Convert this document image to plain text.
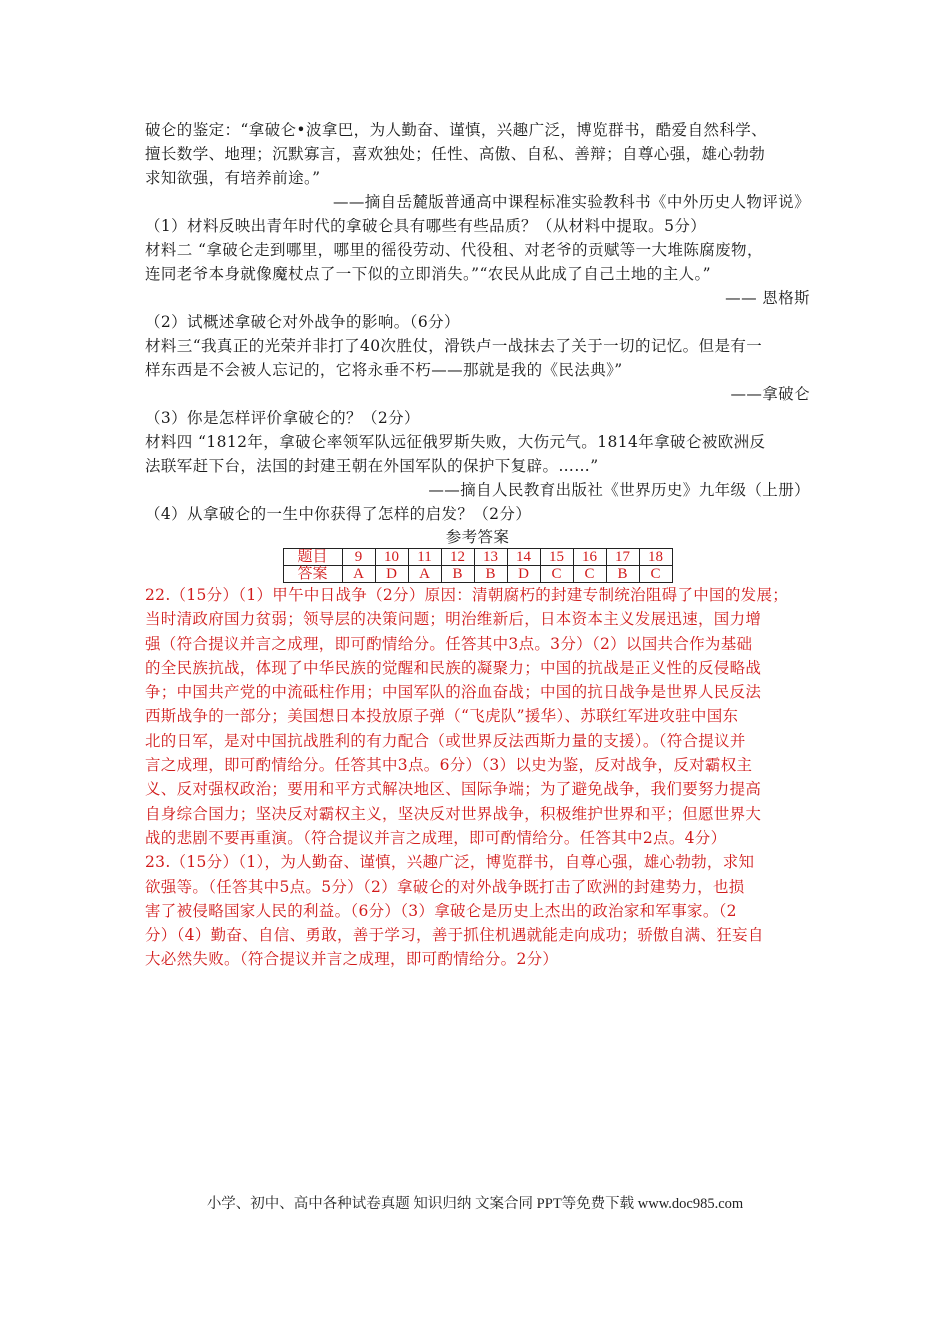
破仑的鉴定：“拿破仑•波拿巴，为人勤奋、谨慎，兴趣广泛，博览群书，酷爱自然科学、
擅长数学、地理；沉默寡言，喜欢独处；任性、高傲、自私、善辩；自尊心强，雄心勃勃
求知欲强，有培养前途。”
——摘自岳麓版普通高中课程标准实验教科书《中外历史人物评说》
（1）材料反映出青年时代的拿破仑具有哪些有些品质？（从材料中提取。5分）
材料二 “拿破仑走到哪里，哪里的徭役劳动、代役租、对老爷的贡赋等一大堆陈腐废物，
连同老爷本身就像魔杖点了一下似的立即消失。”“农民从此成了自己土地的主人。”
—— 恩格斯
（2）试概述拿破仑对外战争的影响。（6分）
材料三“我真正的光荣并非打了40次胜仗，滑铁卢一战抹去了关于一切的记忆。但是有一
样东西是不会被人忘记的，它将永垂不朽——那就是我的《民法典》”
——拿破仑
（3）你是怎样评价拿破仑的？（2分）
材料四 “1812年，拿破仑率领军队远征俄罗斯失败，大伤元气。1814年拿破仑被欧洲反
法联军赶下台，法国的封建王朝在外国军队的保护下复辟。……”
——摘自人民教育出版社《世界历史》九年级（上册）
（4）从拿破仑的一生中你获得了怎样的启发？（2分）
参考答案
题目	9	10	11	12	13	14	15	16	17	18
答案	A	D	A	B	B	D	C	C	B	C
22.（15分）（1）甲午中日战争（2分）原因：清朝腐朽的封建专制统治阻碍了中国的发展；
当时清政府国力贫弱；领导层的决策问题；明治维新后，日本资本主义发展迅速，国力增
强（符合提议并言之成理，即可酌情给分。任答其中3点。3分）（2）以国共合作为基础
的全民族抗战，体现了中华民族的觉醒和民族的凝聚力；中国的抗战是正义性的反侵略战
争；中国共产党的中流砥柱作用；中国军队的浴血奋战；中国的抗日战争是世界人民反法
西斯战争的一部分；美国想日本投放原子弹（“飞虎队”援华）、苏联红军进攻驻中国东
北的日军，是对中国抗战胜利的有力配合（或世界反法西斯力量的支援）。（符合提议并
言之成理，即可酌情给分。任答其中3点。6分）（3）以史为鉴，反对战争，反对霸权主
义、反对强权政治；要用和平方式解决地区、国际争端；为了避免战争，我们要努力提高
自身综合国力；坚决反对霸权主义，坚决反对世界战争，积极维护世界和平；但愿世界大
战的悲剧不要再重演。（符合提议并言之成理，即可酌情给分。任答其中2点。4分）
23.（15分）（1），为人勤奋、谨慎，兴趣广泛，博览群书，自尊心强，雄心勃勃，求知
欲强等。（任答其中5点。5分）（2）拿破仑的对外战争既打击了欧洲的封建势力，也损
害了被侵略国家人民的利益。（6分）（3）拿破仑是历史上杰出的政治家和军事家。（2
分）（4）勤奋、自信、勇敢，善于学习，善于抓住机遇就能走向成功；骄傲自满、狂妄自
大必然失败。（符合提议并言之成理，即可酌情给分。2分）
小学、初中、高中各种试卷真题 知识归纳 文案合同 PPT等免费下载 www.doc985.com
